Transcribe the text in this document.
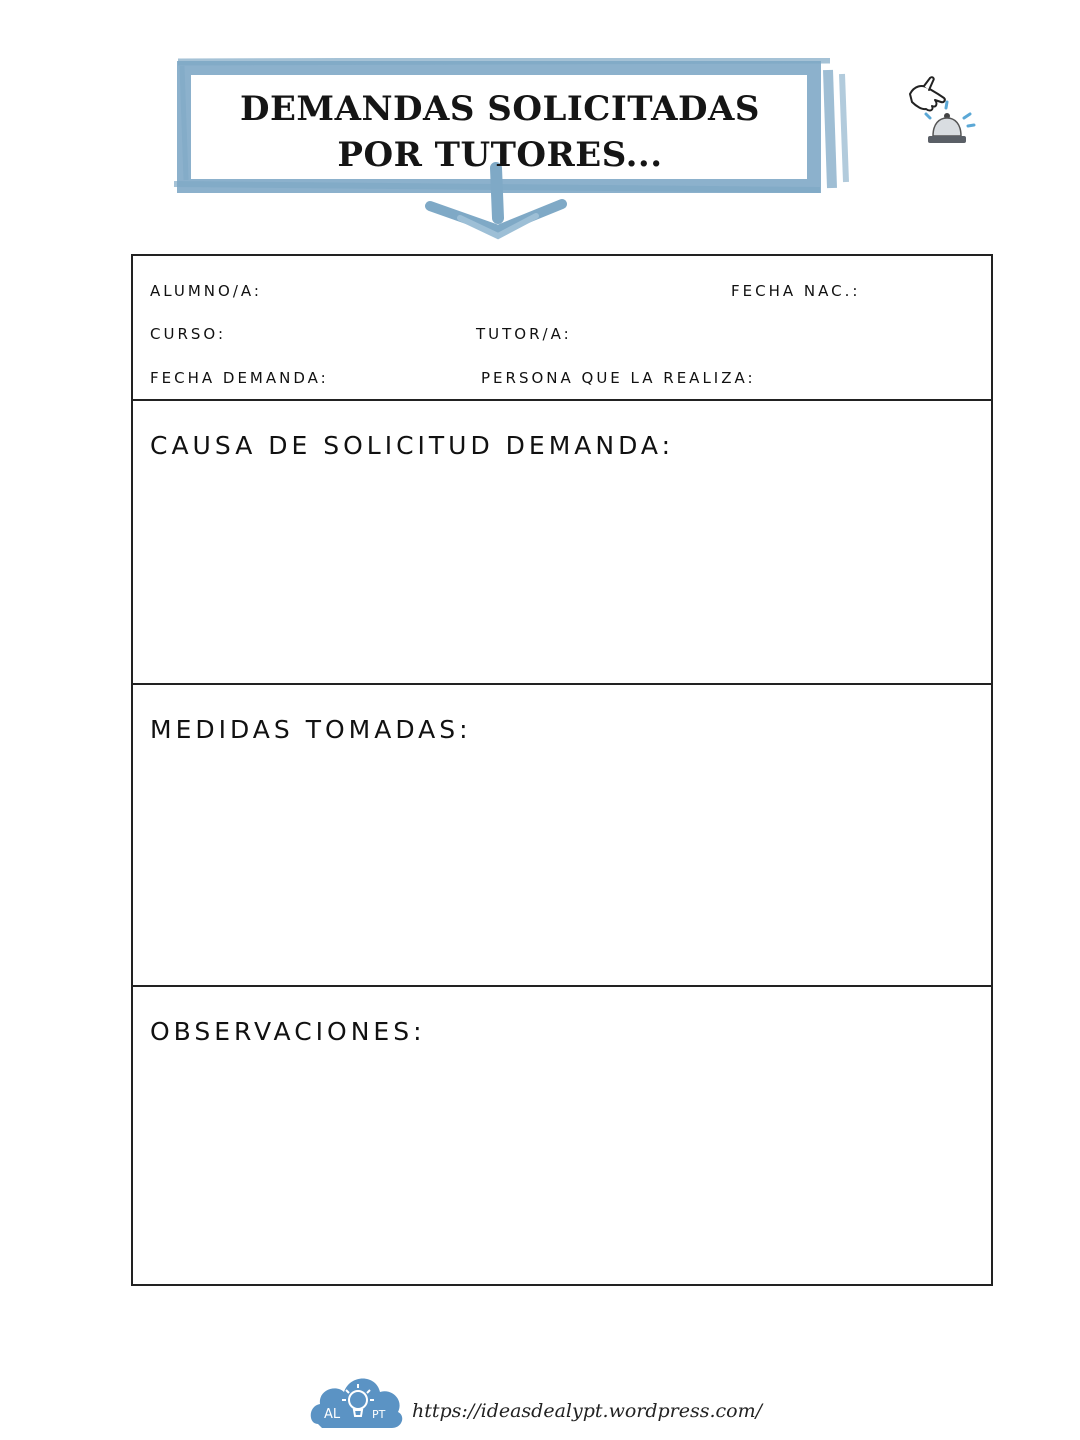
DEMANDAS SOLICITADAS
POR TUTORES...
ALUMNO/A:	FECHA NAC.:
CURSO:	TUTOR/A:
FECHA DEMANDA:	PERSONA QUE LA REALIZA:
CAUSA DE SOLICITUD DEMANDA:
MEDIDAS TOMADAS:
OBSERVACIONES:
AL	PT https://ideasdealypt.wordpress.com/
